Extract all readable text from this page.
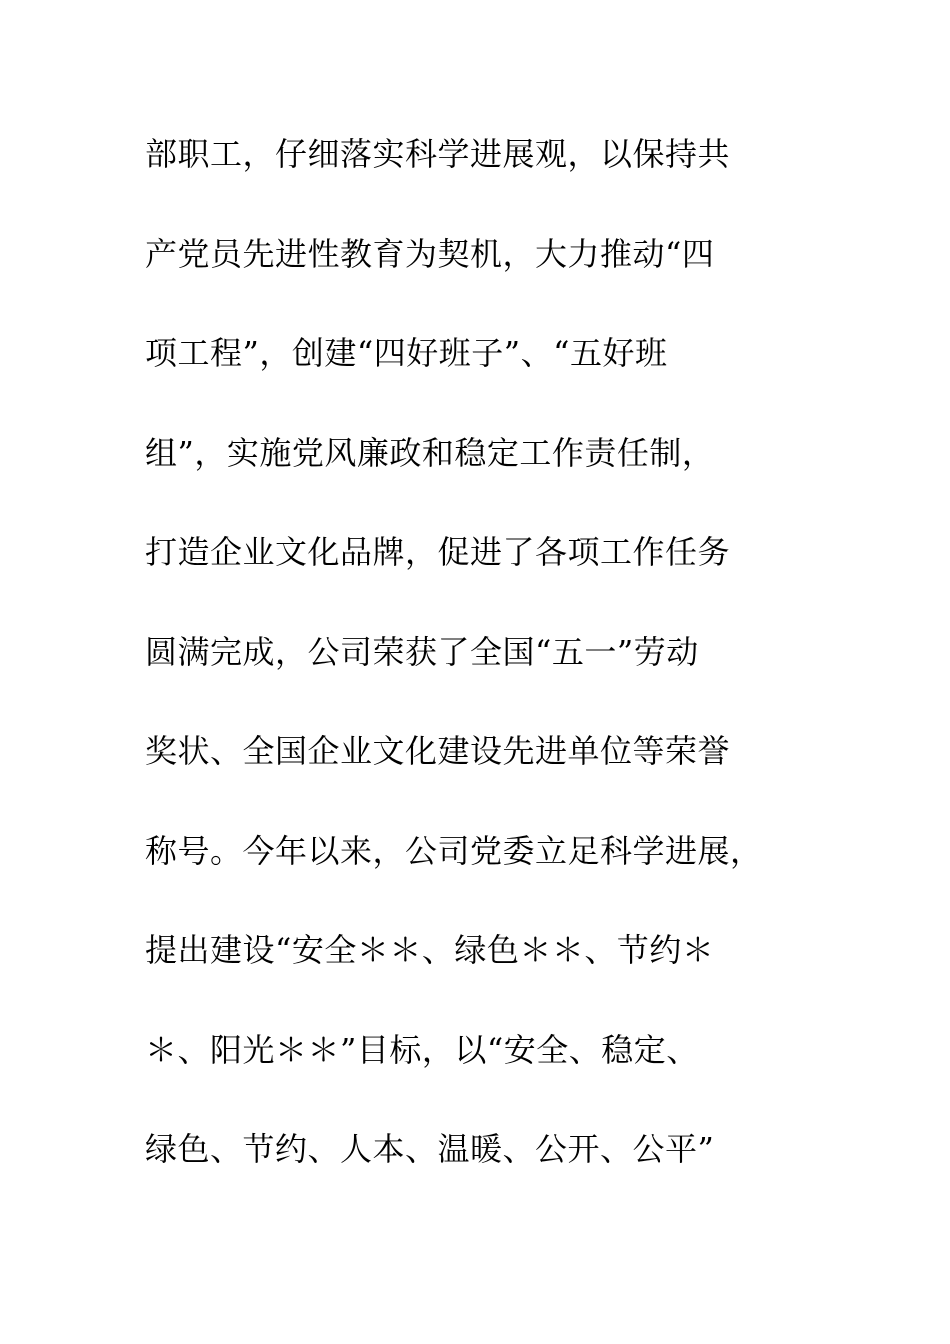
部职工，仔细落实科学进展观，以保持共
产党员先进性教育为契机，大力推动“四
项工程”，创建“四好班子”、“五好班
组”，实施党风廉政和稳定工作责任制，
打造企业文化品牌，促进了各项工作任务
圆满完成，公司荣获了全国“五一”劳动
奖状、全国企业文化建设先进单位等荣誉
称号。今年以来，公司党委立足科学进展，
提出建设“安全＊＊、绿色＊＊、节约＊
＊、阳光＊＊”目标，以“安全、稳定、
绿色、节约、人本、温暖、公开、公平”
